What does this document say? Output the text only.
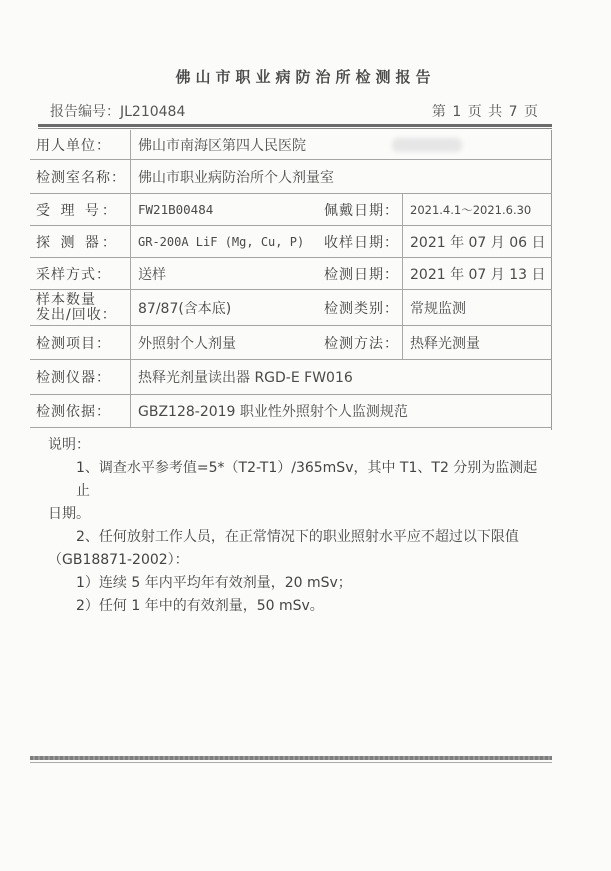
佛山市职业病防治所检测报告
报告编号：JL210484	第 1 页 共 7 页
用人单位： 佛山市南海区第四人民医院
检测室名称： 佛山市职业病防治所个人剂量室
受 理 号： FW21B00484	佩戴日期： 2021.4.1～2021.6.30
探 测 器： GR-200A LiF (Mg, Cu, P) 收样日期： 2021 年 07 月 06 日
采样方式： 送样	检测日期： 2021 年 07 月 13 日
样本数量
发出/回收： 87/87(含本底)	检测类别： 常规监测
检测项目： 外照射个人剂量	检测方法： 热释光测量
检测仪器： 热释光剂量读出器 RGD-E FW016
检测依据： GBZ128-2019 职业性外照射个人监测规范

说明：

1、调查水平参考值=5*（T2-T1）/365mSv，其中 T1、T2 分别为监测起止

日期。

2、任何放射工作人员，在正常情况下的职业照射水平应不超过以下限值

（GB18871-2002）：

1）连续 5 年内平均年有效剂量，20 mSv；

2）任何 1 年中的有效剂量，50 mSv。
